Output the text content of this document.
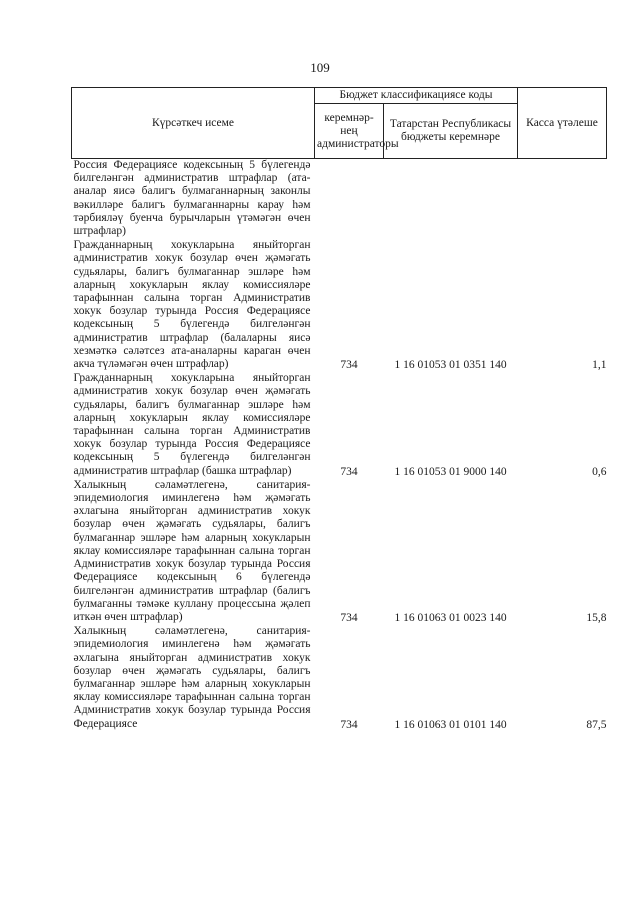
109
Күрсәткеч исеме	Бюджет классификациясе коды		Касса үтәлеше
	керемнәр-нең администраторы	Татарстан Республикасы бюджеты керемнәре	
Россия Федерациясе кодексының 5 бүлегендә билгеләнгән административ штрафлар (ата-аналар яисә балигъ булмаганнарның законлы вәкилләре балигъ булмаганнарны карау һәм тәрбияләү буенча бурычларын үтәмәгән өчен штрафлар)			
Гражданнарның хокукларына яныйторган административ хокук бозулар өчен җәмәгать судьялары, балигъ булмаганнар эшләре һәм аларның хокукларын яклау комиссияләре тарафыннан салына торган Административ хокук бозулар турында Россия Федерациясе кодексының 5 бүлегендә билгеләнгән административ штрафлар (балаларны яисә хезмәткә сәләтсез ата-аналарны караган өчен акча түләмәгән өчен штрафлар)	734	1 16 01053 01 0351 140	1,1
Гражданнарның хокукларына яныйторган административ хокук бозулар өчен җәмәгать судьялары, балигъ булмаганнар эшләре һәм аларның хокукларын яклау комиссияләре тарафыннан салына торган Административ хокук бозулар турында Россия Федерациясе кодексының 5 бүлегендә билгеләнгән административ штрафлар (башка штрафлар)	734	1 16 01053 01 9000 140	0,6
Халыкның сәламәтлегенә, санитария-эпидемиология иминлегенә һәм җәмәгать әхлагына яныйторган административ хокук бозулар өчен җәмәгать судьялары, балигъ булмаганнар эшләре һәм аларның хокукларын яклау комиссияләре тарафыннан салына торган Административ хокук бозулар турында Россия Федерациясе кодексының 6 бүлегендә билгеләнгән административ штрафлар (балигъ булмаганны тәмәке куллану процессына җәлеп иткән өчен штрафлар)	734	1 16 01063 01 0023 140	15,8
Халыкның сәламәтлегенә, санитария-эпидемиология иминлегенә һәм җәмәгать әхлагына яныйторган административ хокук бозулар өчен җәмәгать судьялары, балигъ булмаганнар эшләре һәм аларның хокукларын яклау комиссияләре тарафыннан салына торган Административ хокук бозулар турында Россия Федерациясе	734	1 16 01063 01 0101 140	87,5
